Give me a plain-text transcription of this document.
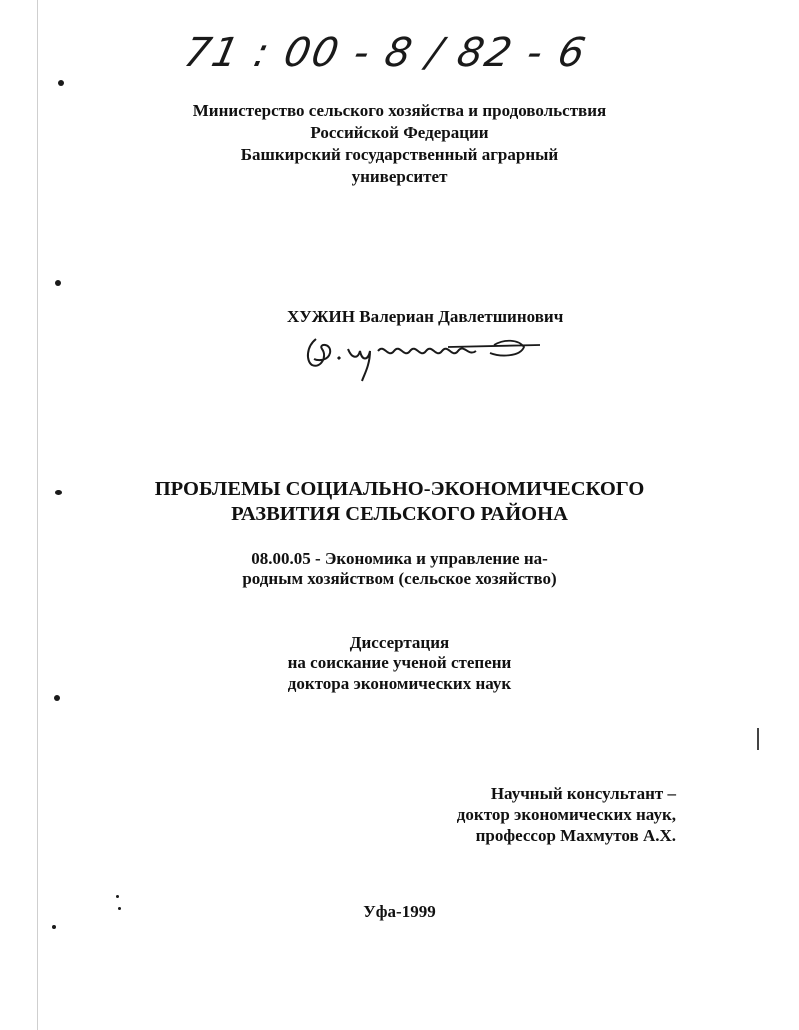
71 : 00 - 8 / 82 - 6
Министерство сельского хозяйства и продовольствия
Российской Федерации
Башкирский государственный аграрный
университет
ХУЖИН Валериан Давлетшинович
ПРОБЛЕМЫ СОЦИАЛЬНО-ЭКОНОМИЧЕСКОГО
РАЗВИТИЯ СЕЛЬСКОГО РАЙОНА
08.00.05 - Экономика и управление на-
родным хозяйством (сельское хозяйство)
Диссертация
на соискание ученой степени
доктора экономических наук
Научный консультант –
доктор экономических наук,
профессор Махмутов А.Х.
Уфа-1999
